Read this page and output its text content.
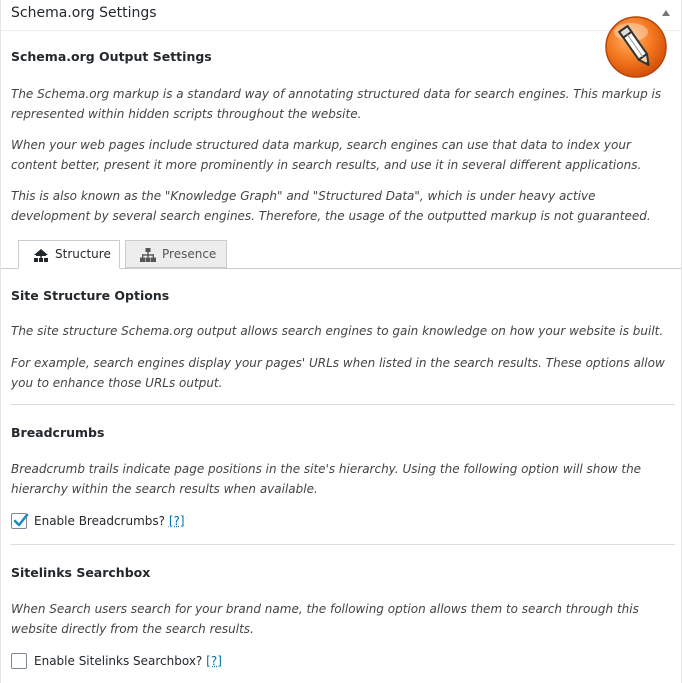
Schema.org Settings
Schema.org Output Settings

The Schema.org markup is a standard way of annotating structured data for search engines. This markup is represented within hidden scripts throughout the website.

When your web pages include structured data markup, search engines can use that data to index your content better, present it more prominently in search results, and use it in several different applications.

This is also known as the "Knowledge Graph" and "Structured Data", which is under heavy active development by several search engines. Therefore, the usage of the outputted markup is not guaranteed.

Structure	Presence
Site Structure Options

The site structure Schema.org output allows search engines to gain knowledge on how your website is built.

For example, search engines display your pages' URLs when listed in the search results. These options allow you to enhance those URLs output.

Breadcrumbs

Breadcrumb trails indicate page positions in the site's hierarchy. Using the following option will show the hierarchy within the search results when available.

Enable Breadcrumbs? [?]
Sitelinks Searchbox

When Search users search for your brand name, the following option allows them to search through this website directly from the search results.

Enable Sitelinks Searchbox? [?]
